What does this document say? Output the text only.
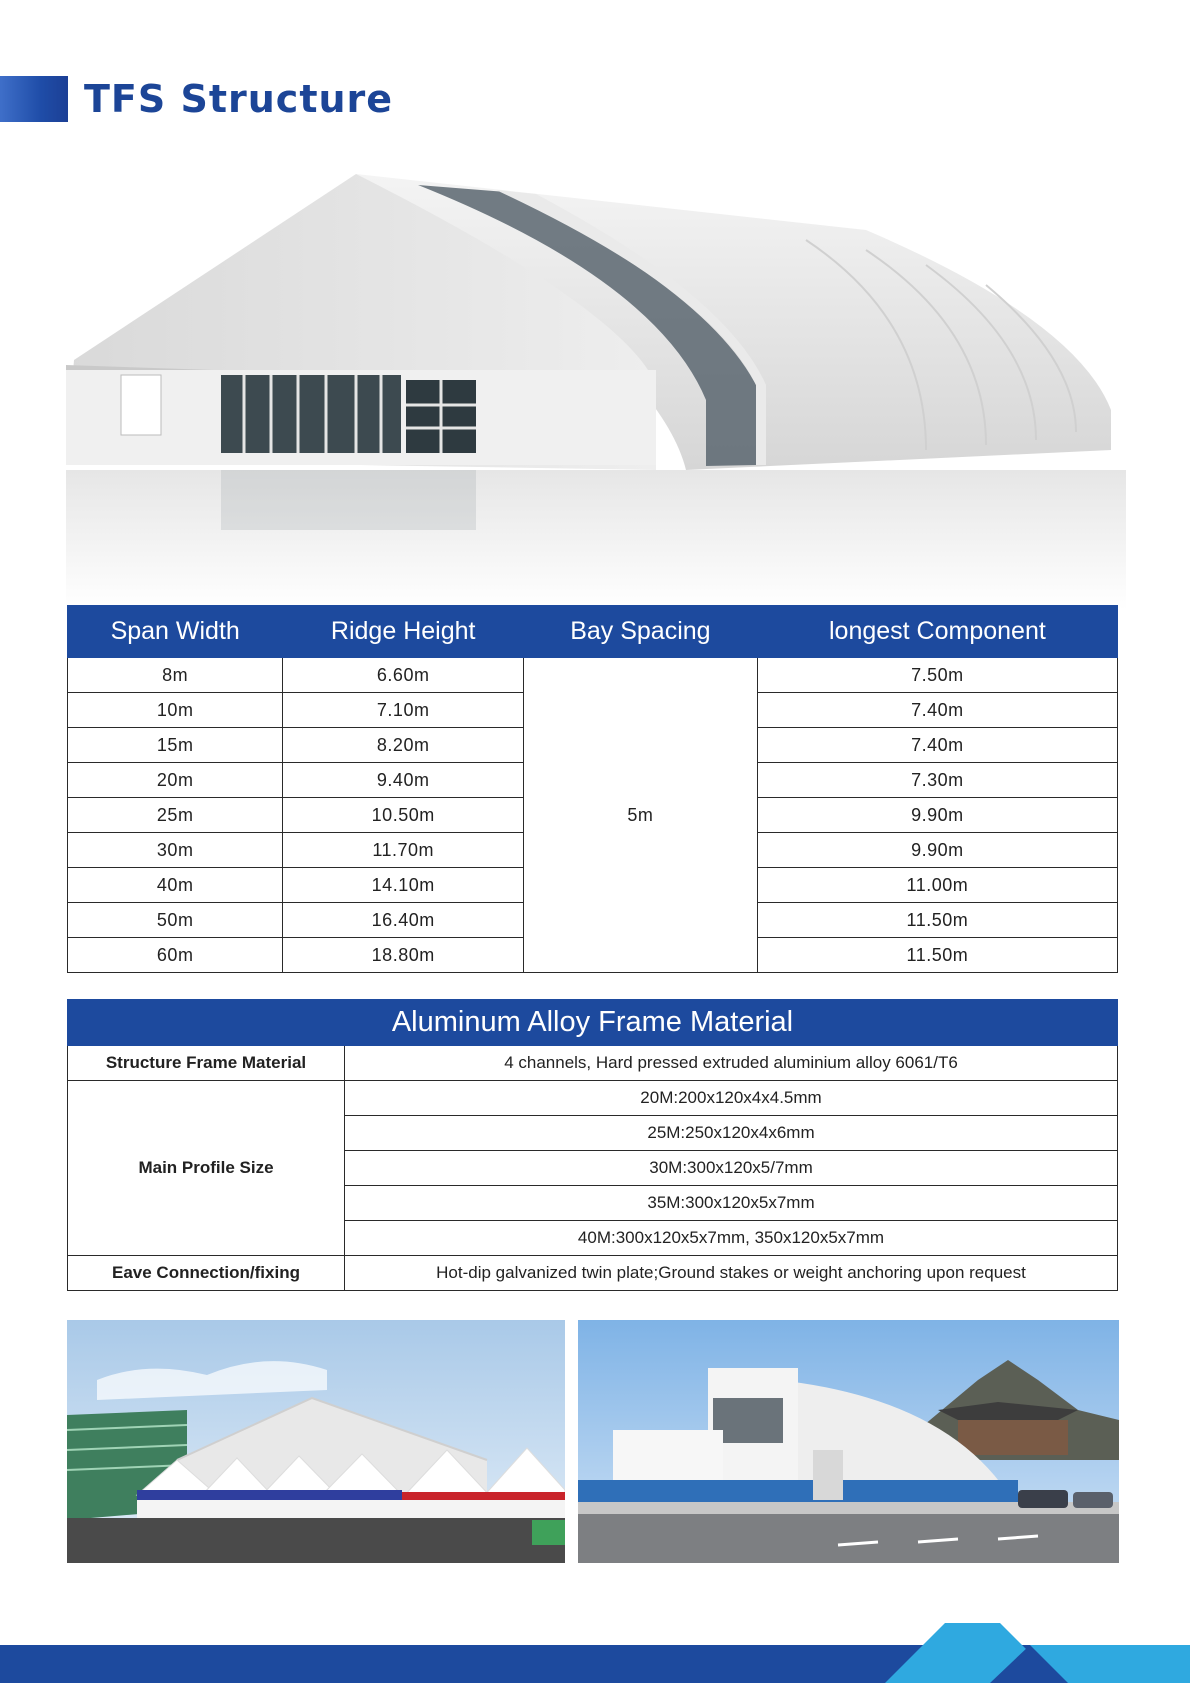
TFS Structure
Span Width	Ridge Height	Bay Spacing	longest Component
8m	6.60m	5m	7.50m
10m	7.10m		7.40m
15m	8.20m		7.40m
20m	9.40m		7.30m
25m	10.50m		9.90m
30m	11.70m		9.90m
40m	14.10m		11.00m
50m	16.40m		11.50m
60m	18.80m		11.50m
Aluminum Alloy Frame Material	
Structure Frame Material	4 channels, Hard pressed extruded aluminium alloy 6061/T6
Main Profile Size	20M:200x120x4x4.5mm
	25M:250x120x4x6mm
	30M:300x120x5/7mm
	35M:300x120x5x7mm
	40M:300x120x5x7mm, 350x120x5x7mm
Eave Connection/fixing	Hot-dip galvanized twin plate;Ground stakes or weight anchoring upon request
